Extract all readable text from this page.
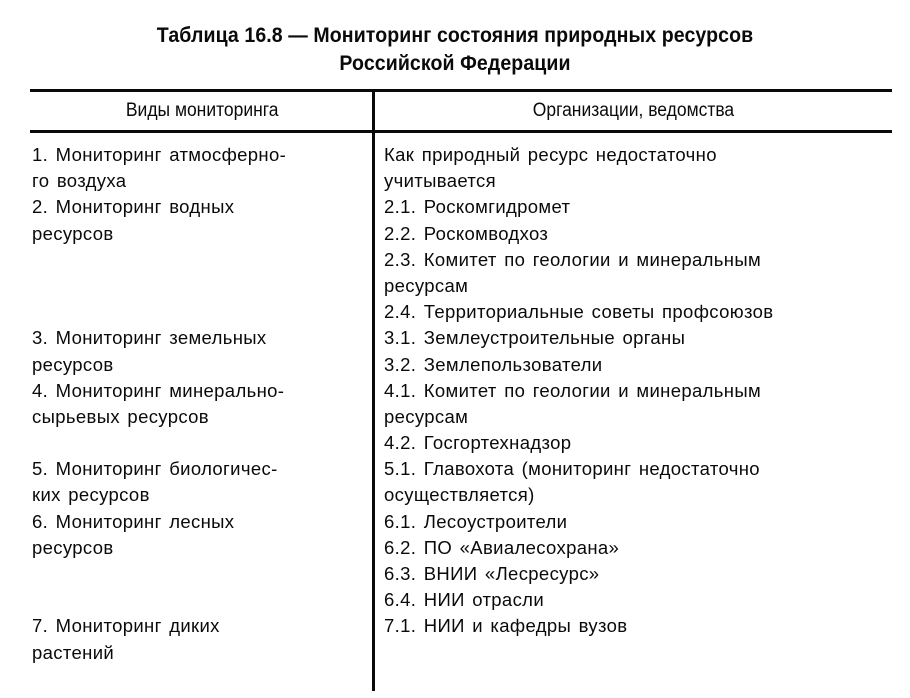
Таблица 16.8 — Мониторинг состояния природных ресурсов
Российской Федерации
Виды мониторинга	Организации, ведомства
1. Мониторинг атмосферно-
го воздуха
2. Мониторинг водных
ресурсов
3. Мониторинг земельных
ресурсов
4. Мониторинг минерально-
сырьевых ресурсов
5. Мониторинг биологичес-
ких ресурсов
6. Мониторинг лесных
ресурсов
7. Мониторинг диких
растений
Как природный ресурс недостаточно
учитывается
2.1. Роскомгидромет
2.2. Роскомводхоз
2.3. Комитет по геологии и минеральным
ресурсам
2.4. Территориальные советы профсоюзов
3.1. Землеустроительные органы
3.2. Землепользователи
4.1. Комитет по геологии и минеральным
ресурсам
4.2. Госгортехнадзор
5.1. Главохота (мониторинг недостаточно
осуществляется)
6.1. Лесоустроители
6.2. ПО «Авиалесохрана»
6.3. ВНИИ «Лесресурс»
6.4. НИИ отрасли
7.1. НИИ и кафедры вузов
